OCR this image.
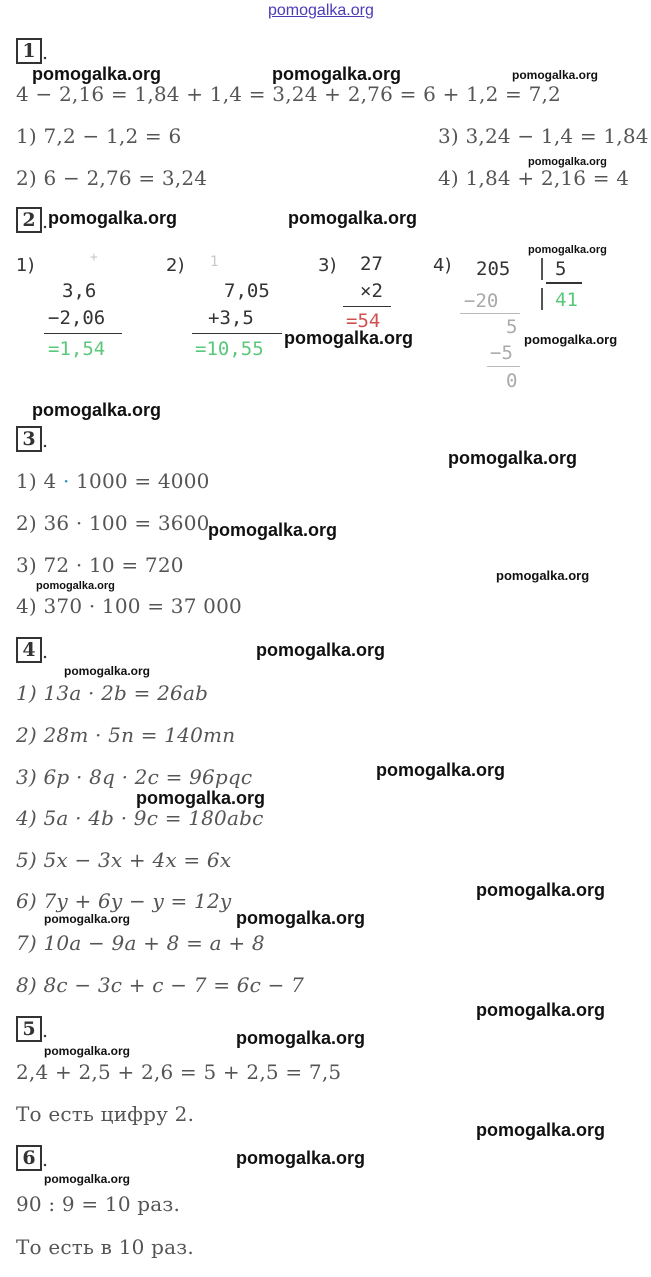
pomogalka.org
1 .
4 − 2,16 = 1,84 + 1,4 = 3,24 + 2,76 = 6 + 1,2 = 7,2
1) 7,2 − 1,2 = 6
2) 6 − 2,76 = 3,24
3) 3,24 − 1,4 = 1,84
4) 1,84 + 2,16 = 4
2 .
1)	+
3,6
−2,06
=1,54
2) 1
7,05
+3,5
=10,55
3) 27
×2
=54
4) 205 5
41
−20
5
−5
0
3 .
1) 4 · 1000 = 4000
2) 36 · 100 = 3600
3) 72 · 10 = 720
4) 370 · 100 = 37 000
4 .
1) 13a · 2b = 26ab
2) 28m · 5n = 140mn
3) 6p · 8q · 2c = 96pqc
4) 5a · 4b · 9c = 180abc
5) 5x − 3x + 4x = 6x
6) 7y + 6y − y = 12y
7) 10a − 9a + 8 = a + 8
8) 8c − 3c + c − 7 = 6c − 7
5 .
2,4 + 2,5 + 2,6 = 5 + 2,5 = 7,5
То есть цифру 2.
6 .
90 : 9 = 10 раз.
То есть в 10 раз.
pomogalka.org	pomogalka.org	pomogalka.org
pomogalka.org
pomogalka.org	pomogalka.org
pomogalka.org
pomogalka.org	pomogalka.org
pomogalka.org
pomogalka.org
pomogalka.org
pomogalka.org
pomogalka.org
pomogalka.org
pomogalka.org
pomogalka.org
pomogalka.org
pomogalka.org
pomogalka.org
pomogalka.org
pomogalka.org
pomogalka.org
pomogalka.org
pomogalka.org
pomogalka.org
pomogalka.org
